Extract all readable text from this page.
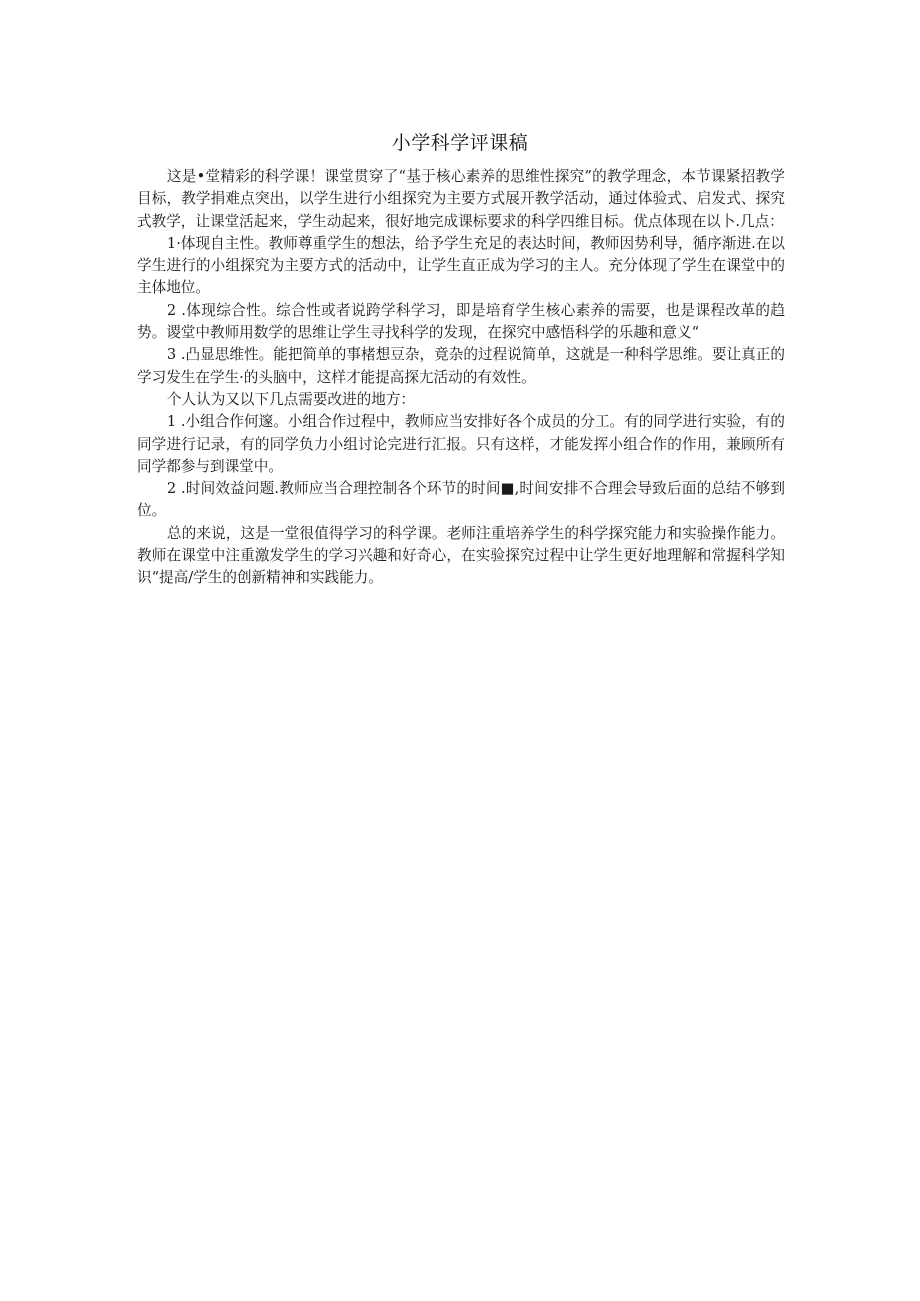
小学科学评课稿

这是•堂精彩的科学课！课堂贯穿了“基于核心素养的思维性探究”的教学理念，本节课紧招教学目标，教学捐难点突出，以学生进行小组探究为主要方式展开教学活动，通过体验式、启发式、探究式教学，让课堂活起来，学生动起来，很好地完成课标要求的科学四维目标。优点体现在以卜.几点：

1·体现自主性。教师尊重学生的想法，给予学生充足的表达时间，教师因势利导，循序渐进.在以学生进行的小组探究为主要方式的活动中，让学生直正成为学习的主人。充分体现了学生在课堂中的主体地位。

2 .体现综合性。综合性或者说跨学科学习，即是培育学生核心素养的需要，也是课程改革的趋势。谡堂中教师用数学的思维让学生寻找科学的发现，在探究中感悟科学的乐趣和意义“

3 .凸显思维性。能把简单的事楮想豆杂，竟杂的过程说简单，这就是一种科学思维。要让真正的学习发生在学生·的头脑中，这样才能提高探尢活动的有效性。

个人认为又以下几点需要改进的地方：

1 .小组合作何邃。小组合作过程中，教师应当安排好各个成员的分工。有的同学进行实验，有的同学进行记录，有的同学负力小组讨论完进行汇报。只有这样，才能发挥小组合作的作用，兼顾所有同学都参与到课堂中。

2 .时间效益问题.教师应当合理控制各个环节的时间■,时间安排不合理会导致后面的总结不够到位。

总的来说，这是一堂很值得学习的科学课。老师注重培养学生的科学探究能力和实验操作能力。教师在课堂中注重激发学生的学习兴趣和好奇心，在实验探究过程中让学生更好地理解和常握科学知识“提高/学生的创新精神和实践能力。
